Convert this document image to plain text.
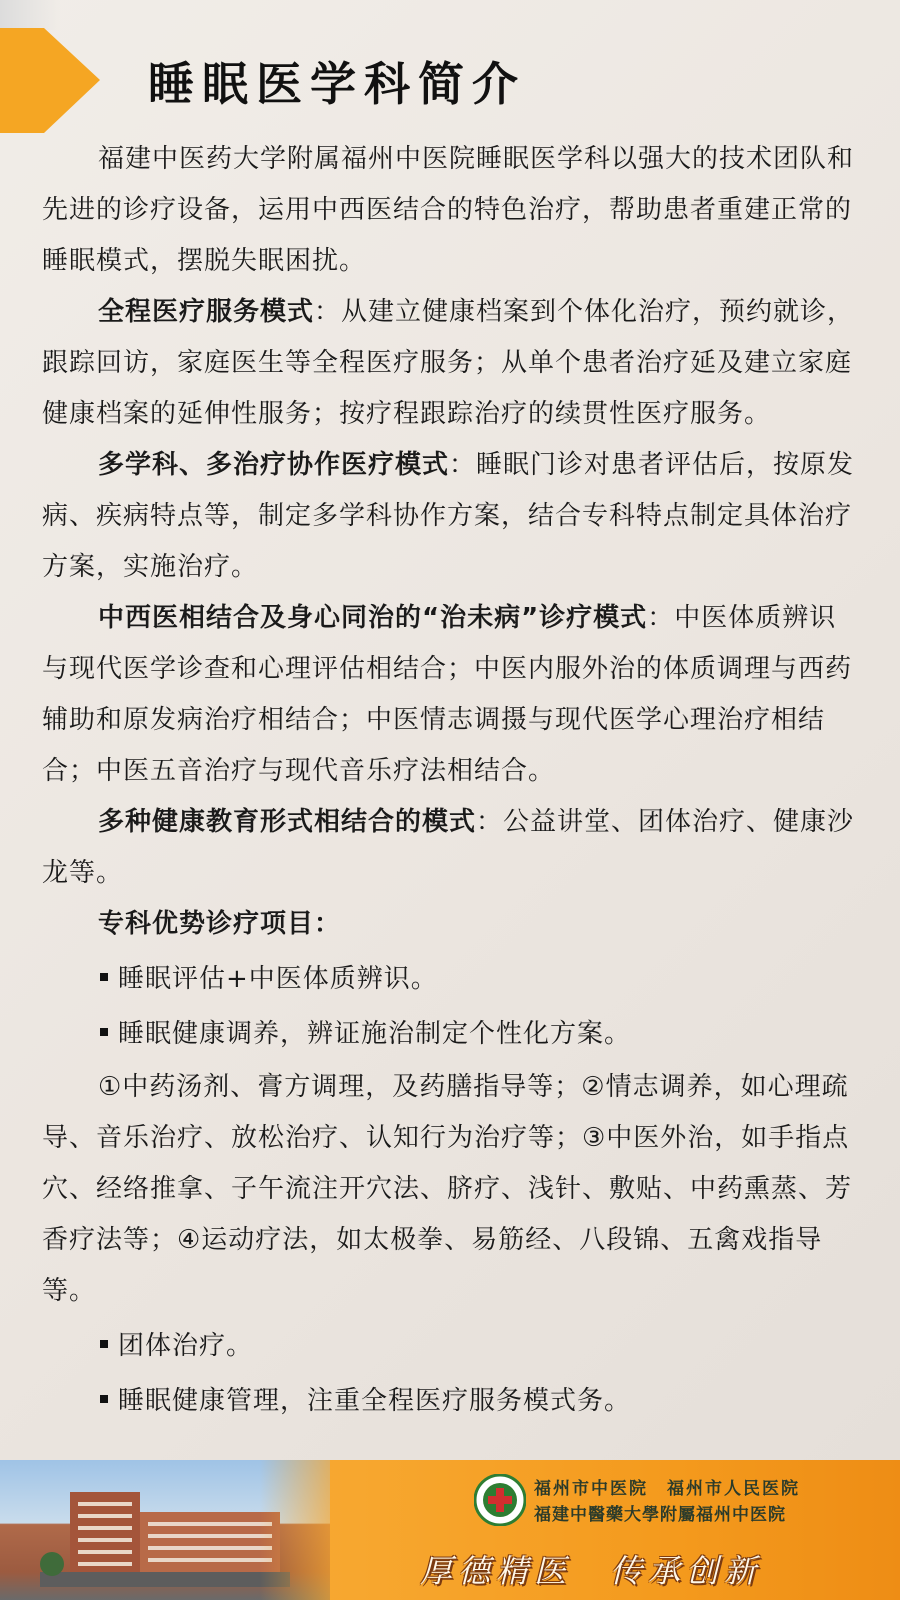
睡眠医学科简介

福建中医药大学附属福州中医院睡眠医学科以强大的技术团队和先进的诊疗设备，运用中西医结合的特色治疗，帮助患者重建正常的睡眠模式，摆脱失眠困扰。

全程医疗服务模式：从建立健康档案到个体化治疗，预约就诊，跟踪回访，家庭医生等全程医疗服务；从单个患者治疗延及建立家庭健康档案的延伸性服务；按疗程跟踪治疗的续贯性医疗服务。

多学科、多治疗协作医疗模式：睡眠门诊对患者评估后，按原发病、疾病特点等，制定多学科协作方案，结合专科特点制定具体治疗方案，实施治疗。

中西医相结合及身心同治的“治未病”诊疗模式：中医体质辨识与现代医学诊查和心理评估相结合；中医内服外治的体质调理与西药辅助和原发病治疗相结合；中医情志调摄与现代医学心理治疗相结合；中医五音治疗与现代音乐疗法相结合。

多种健康教育形式相结合的模式：公益讲堂、团体治疗、健康沙龙等。

专科优势诊疗项目：

睡眠评估+中医体质辨识。

睡眠健康调养，辨证施治制定个性化方案。

①中药汤剂、膏方调理，及药膳指导等；②情志调养，如心理疏导、音乐治疗、放松治疗、认知行为治疗等；③中医外治，如手指点穴、经络推拿、子午流注开穴法、脐疗、浅针、敷贴、中药熏蒸、芳香疗法等；④运动疗法，如太极拳、易筋经、八段锦、五禽戏指导等。

团体治疗。

睡眠健康管理，注重全程医疗服务模式务。

福州市中医院　福州市人民医院
福建中醫藥大學附屬福州中医院
厚德精医　传承创新
